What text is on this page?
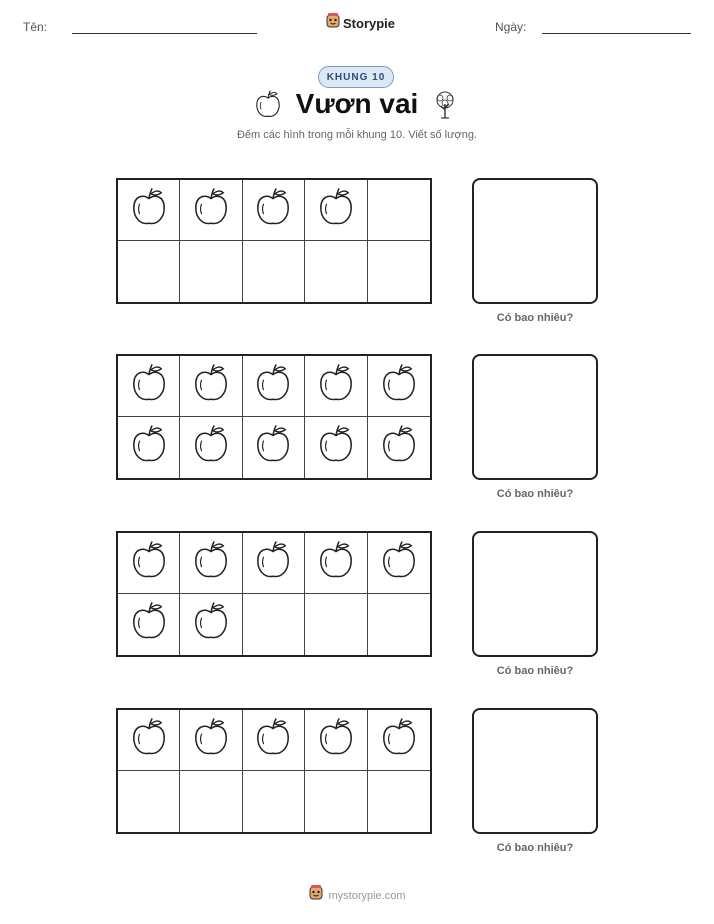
Tên:	Storypie	Ngày:
KHUNG 10
Vươn vai
Đếm các hình trong mỗi khung 10. Viết số lượng.
Có bao nhiêu?
Có bao nhiêu?
Có bao nhiêu?
Có bao nhiêu?
mystorypie.com
